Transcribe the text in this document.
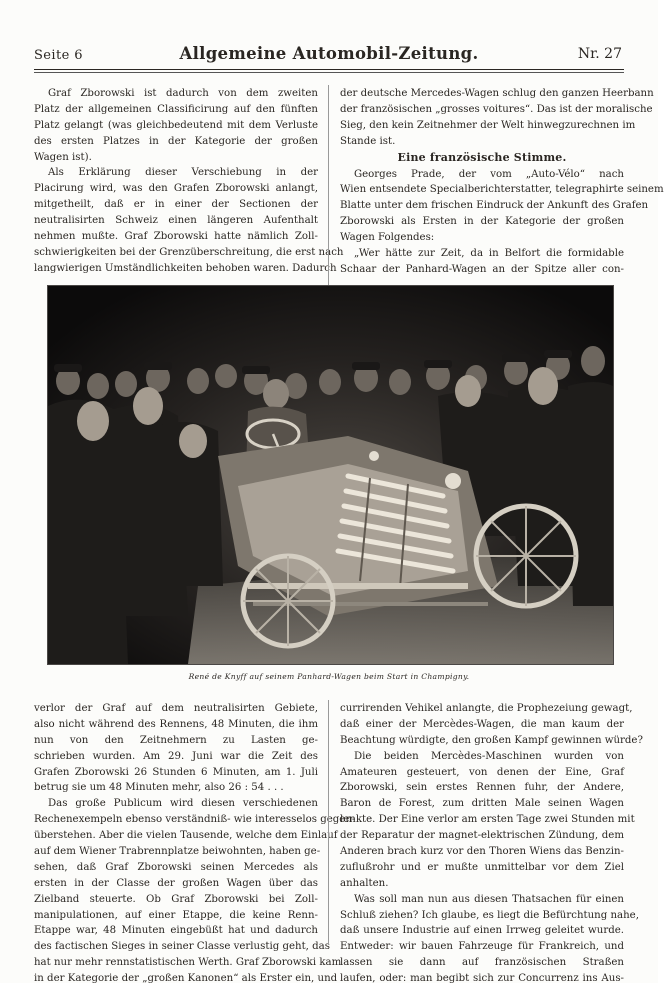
Seite 6	Allgemeine Automobil-Zeitung.	Nr. 27
Graf Zborowski ist dadurch von dem zweiten
Platz der allgemeinen Classificirung auf den fünften
Platz gelangt (was gleichbedeutend mit dem Verluste
des ersten Platzes in der Kategorie der großen
Wagen ist).
Als Erklärung dieser Verschiebung in der
Placirung wird, was den Grafen Zborowski anlangt,
mitgetheilt, daß er in einer der Sectionen der
neutralisirten Schweiz einen längeren Aufenthalt
nehmen mußte. Graf Zborowski hatte nämlich Zoll-
schwierigkeiten bei der Grenzüberschreitung, die erst nach
langwierigen Umständlichkeiten behoben waren. Dadurch
der deutsche Mercedes-Wagen schlug den ganzen Heerbann
der französischen „grosses voitures“. Das ist der moralische
Sieg, den kein Zeitnehmer der Welt hinwegzurechnen im
Stande ist.
Eine französische Stimme.
Georges Prade, der vom „Auto-Vélo“ nach
Wien entsendete Specialberichterstatter, telegraphirte seinem
Blatte unter dem frischen Eindruck der Ankunft des Grafen
Zborowski als Ersten in der Kategorie der großen
Wagen Folgendes:
„Wer hätte zur Zeit, da in Belfort die formidable
Schaar der Panhard-Wagen an der Spitze aller con-
René de Knyff auf seinem Panhard-Wagen beim Start in Champigny.
verlor der Graf auf dem neutralisirten Gebiete,
also nicht während des Rennens, 48 Minuten, die ihm
nun von den Zeitnehmern zu Lasten ge-
schrieben wurden. Am 29. Juni war die Zeit des
Grafen Zborowski 26 Stunden 6 Minuten, am 1. Juli
betrug sie um 48 Minuten mehr, also 26 : 54 . . .
Das große Publicum wird diesen verschiedenen
Rechenexempeln ebenso verständniß- wie interesselos gegen-
überstehen. Aber die vielen Tausende, welche dem Einlauf
auf dem Wiener Trabrennplatze beiwohnten, haben ge-
sehen, daß Graf Zborowski seinen Mercedes als
ersten in der Classe der großen Wagen über das
Zielband steuerte. Ob Graf Zborowski bei Zoll-
manipulationen, auf einer Etappe, die keine Renn-
Etappe war, 48 Minuten eingebüßt hat und dadurch
des factischen Sieges in seiner Classe verlustig geht, das
hat nur mehr rennstatistischen Werth. Graf Zborowski kam
in der Kategorie der „großen Kanonen“ als Erster ein, und
currirenden Vehikel anlangte, die Prophezeiung gewagt,
daß einer der Mercèdes-Wagen, die man kaum der
Beachtung würdigte, den großen Kampf gewinnen würde?
Die beiden Mercèdes-Maschinen wurden von
Amateuren gesteuert, von denen der Eine, Graf
Zborowski, sein erstes Rennen fuhr, der Andere,
Baron de Forest, zum dritten Male seinen Wagen
lenkte. Der Eine verlor am ersten Tage zwei Stunden mit
der Reparatur der magnet-elektrischen Zündung, dem
Anderen brach kurz vor den Thoren Wiens das Benzin-
zuflußrohr und er mußte unmittelbar vor dem Ziel
anhalten.
Was soll man nun aus diesen Thatsachen für einen
Schluß ziehen? Ich glaube, es liegt die Befürchtung nahe,
daß unsere Industrie auf einen Irrweg geleitet wurde.
Entweder: wir bauen Fahrzeuge für Frankreich, und
lassen sie dann auf französischen Straßen
laufen, oder: man begibt sich zur Concurrenz ins Aus-
